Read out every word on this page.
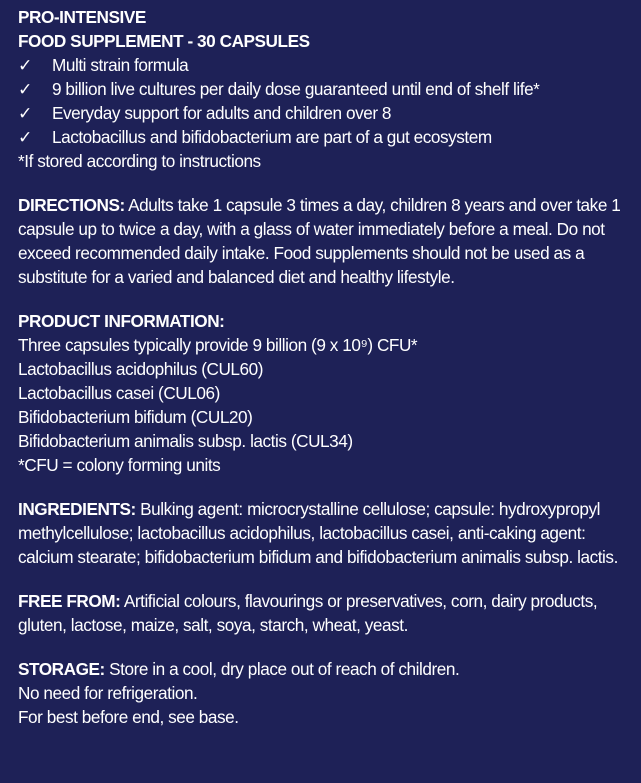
PRO-INTENSIVE
FOOD SUPPLEMENT - 30 CAPSULES
✓	Multi strain formula
✓	9 billion live cultures per daily dose guaranteed until end of shelf life*
✓	Everyday support for adults and children over 8
✓	Lactobacillus and bifidobacterium are part of a gut ecosystem
*If stored according to instructions

DIRECTIONS: Adults take 1 capsule 3 times a day, children 8 years and over take 1 capsule up to twice a day, with a glass of water immediately before a meal. Do not exceed recommended daily intake. Food supplements should not be used as a substitute for a varied and balanced diet and healthy lifestyle.

PRODUCT INFORMATION:
Three capsules typically provide 9 billion (9 x 10⁹) CFU*
Lactobacillus acidophilus (CUL60)
Lactobacillus casei (CUL06)
Bifidobacterium bifidum (CUL20)
Bifidobacterium animalis subsp. lactis (CUL34)
*CFU = colony forming units

INGREDIENTS: Bulking agent: microcrystalline cellulose; capsule: hydroxypropyl methylcellulose; lactobacillus acidophilus, lactobacillus casei, anti-caking agent: calcium stearate; bifidobacterium bifidum and bifidobacterium animalis subsp. lactis.

FREE FROM: Artificial colours, flavourings or preservatives, corn, dairy products, gluten, lactose, maize, salt, soya, starch, wheat, yeast.

STORAGE: Store in a cool, dry place out of reach of children.
No need for refrigeration.
For best before end, see base.
